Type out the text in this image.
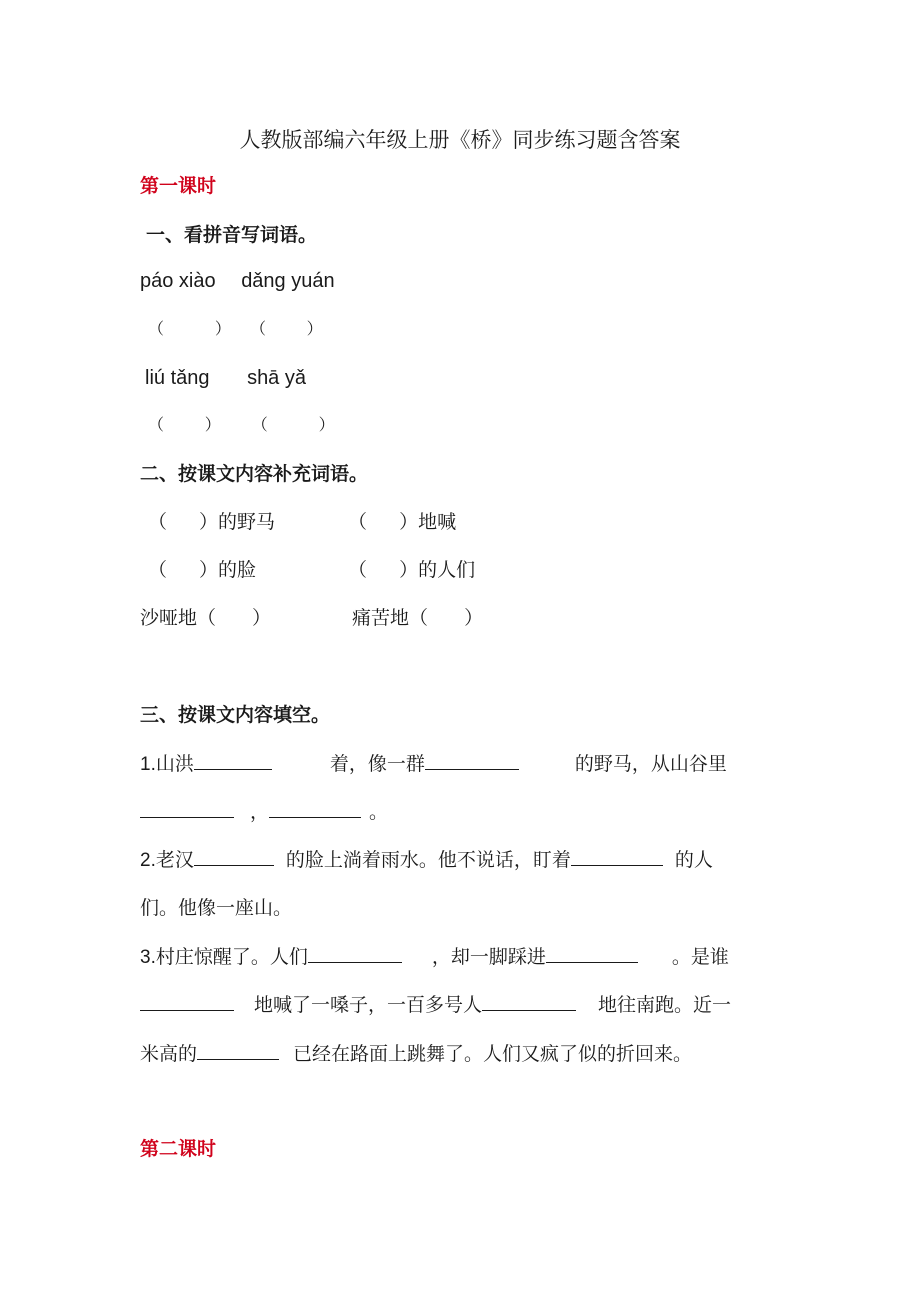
人教版部编六年级上册《桥》同步练习题含答案
第一课时
一、看拼音写词语。
páo xiào dǎng yuán
（          ） （        ）
liú tǎng shā yǎ
（        ） （          ）
二、按课文内容补充词语。
（ ）的野马	（ ）地喊
（ ）的脸	（ ）的人们
沙哑地（ ）	痛苦地（ ）
三、按课文内容填空。
1.山洪	着，像一群	的野马，从山谷里
，	。
2.老汉	的脸上淌着雨水。他不说话，盯着	的人
们。他像一座山。
3.村庄惊醒了。人们	，却一脚踩进	。是谁
地喊了一嗓子，一百多号人	地往南跑。近一
米高的	已经在路面上跳舞了。人们又疯了似的折回来。
第二课时
